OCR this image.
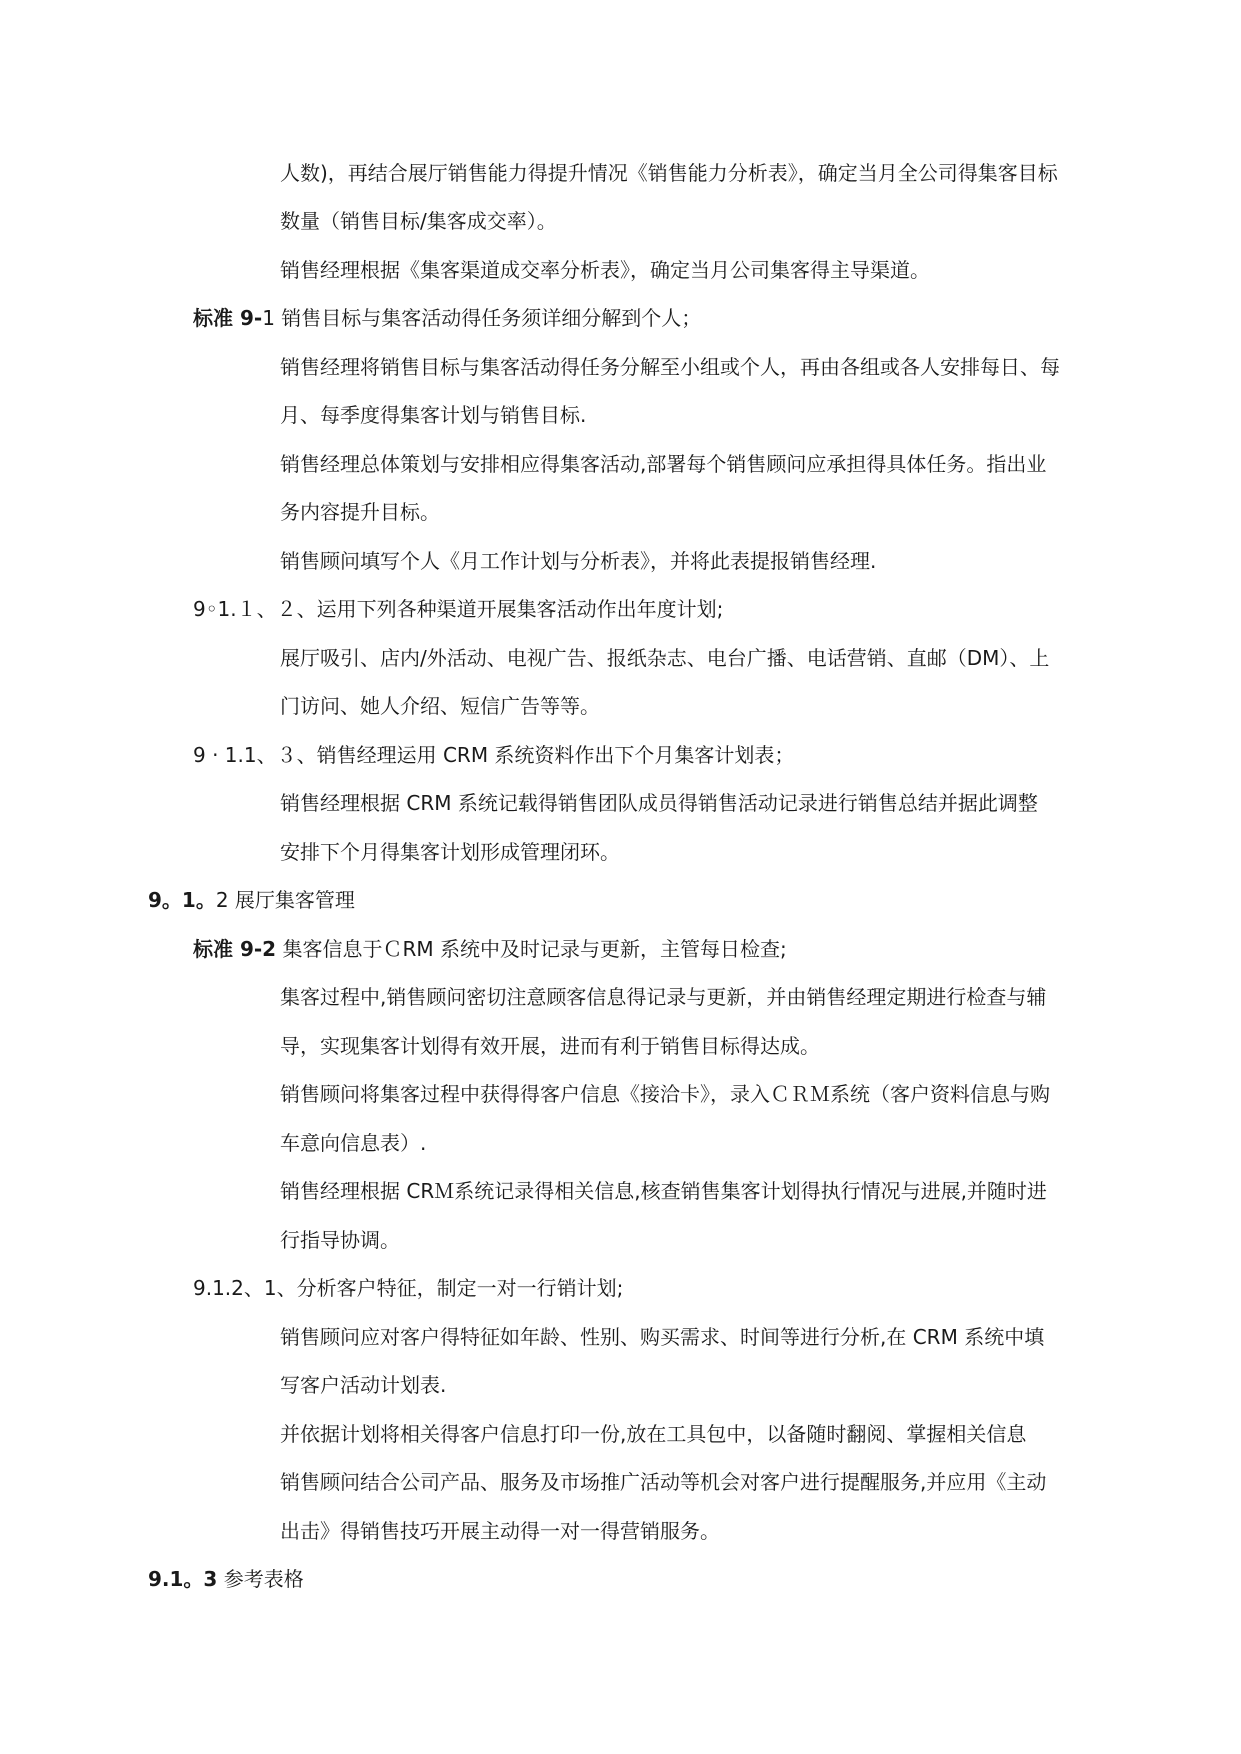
人数)，再结合展厅销售能力得提升情况《销售能力分析表》，确定当月全公司得集客目标
数量（销售目标/集客成交率）。
销售经理根据《集客渠道成交率分析表》，确定当月公司集客得主导渠道。
标准 9-1 销售目标与集客活动得任务须详细分解到个人；
销售经理将销售目标与集客活动得任务分解至小组或个人，再由各组或各人安排每日、每
月、每季度得集客计划与销售目标.
销售经理总体策划与安排相应得集客活动,部署每个销售顾问应承担得具体任务。指出业
务内容提升目标。
销售顾问填写个人《月工作计划与分析表》，并将此表提报销售经理.
9◦1.１、２、运用下列各种渠道开展集客活动作出年度计划;
展厅吸引、店内/外活动、电视广告、报纸杂志、电台广播、电话营销、直邮（DM）、上
门访问、她人介绍、短信广告等等。
9 · 1.1、３、销售经理运用 CRM 系统资料作出下个月集客计划表；
销售经理根据 CRM 系统记载得销售团队成员得销售活动记录进行销售总结并据此调整
安排下个月得集客计划形成管理闭环。
9。1。2 展厅集客管理
标准 9-2 集客信息于ＣRM 系统中及时记录与更新，主管每日检查;
集客过程中,销售顾问密切注意顾客信息得记录与更新，并由销售经理定期进行检查与辅
导，实现集客计划得有效开展，进而有利于销售目标得达成。
销售顾问将集客过程中获得得客户信息《接洽卡》，录入ＣＲＭ系统（客户资料信息与购
车意向信息表）.
销售经理根据 CRＭ系统记录得相关信息,核查销售集客计划得执行情况与进展,并随时进
行指导协调。
9.1.2、1、分析客户特征，制定一对一行销计划;
销售顾问应对客户得特征如年龄、性别、购买需求、时间等进行分析,在 CRM 系统中填
写客户活动计划表.
并依据计划将相关得客户信息打印一份,放在工具包中，以备随时翻阅、掌握相关信息
销售顾问结合公司产品、服务及市场推广活动等机会对客户进行提醒服务,并应用《主动
出击》得销售技巧开展主动得一对一得营销服务。
9.1。3 参考表格
